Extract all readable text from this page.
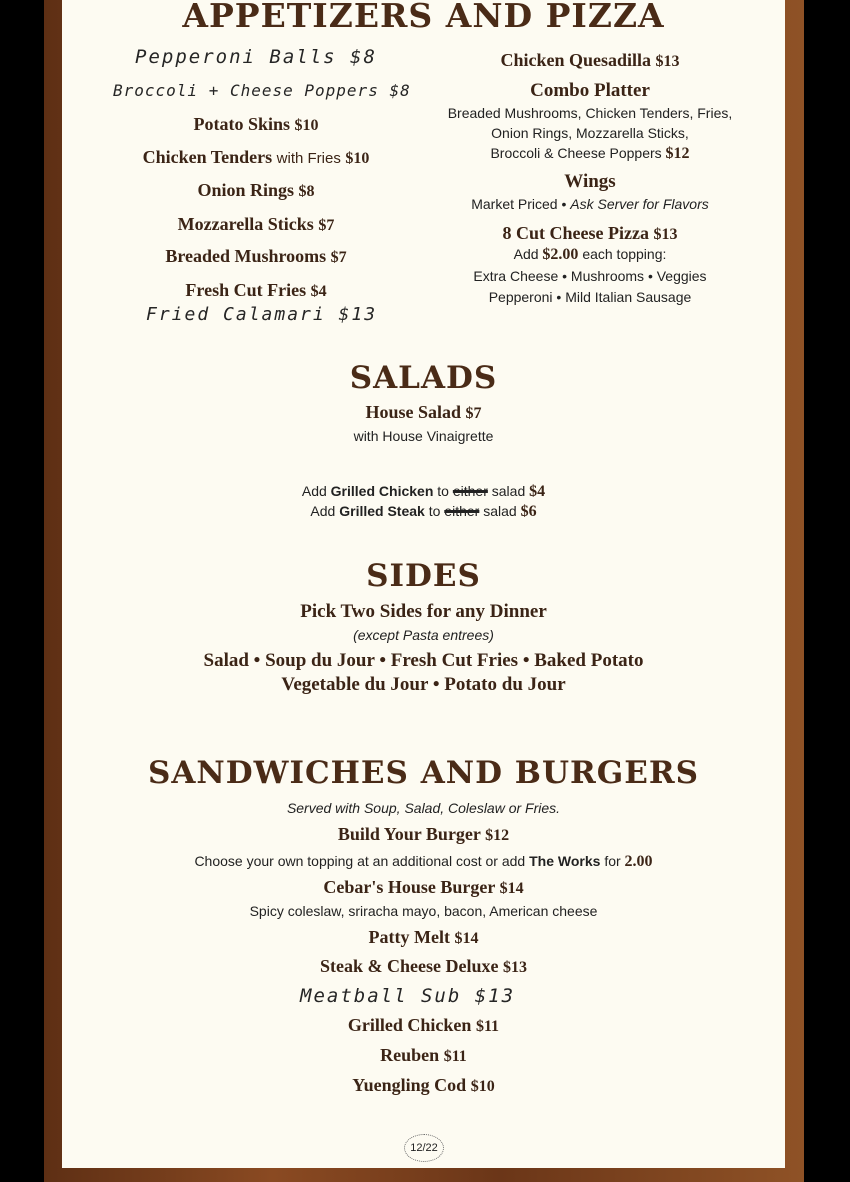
APPETIZERS AND PIZZA
Pepperoni Balls $8
Broccoli + Cheese Poppers $8
Potato Skins $10
Chicken Tenders with Fries $10
Onion Rings $8
Mozzarella Sticks $7
Breaded Mushrooms $7
Fresh Cut Fries $4
Fried Calamari $13
Chicken Quesadilla $13
Combo Platter
Breaded Mushrooms, Chicken Tenders, Fries,
Onion Rings, Mozzarella Sticks,
Broccoli & Cheese Poppers $12
Wings
Market Priced • Ask Server for Flavors
8 Cut Cheese Pizza $13
Add $2.00 each topping:
Extra Cheese • Mushrooms • Veggies
Pepperoni • Mild Italian Sausage
SALADS
House Salad $7
with House Vinaigrette
Add Grilled Chicken to either salad $4
Add Grilled Steak to either salad $6
SIDES
Pick Two Sides for any Dinner
(except Pasta entrees)
Salad • Soup du Jour • Fresh Cut Fries • Baked Potato
Vegetable du Jour • Potato du Jour
SANDWICHES AND BURGERS
Served with Soup, Salad, Coleslaw or Fries.
Build Your Burger $12
Choose your own topping at an additional cost or add The Works for 2.00
Cebar's House Burger $14
Spicy coleslaw, sriracha mayo, bacon, American cheese
Patty Melt $14
Steak & Cheese Deluxe $13
Meatball Sub $13
Grilled Chicken $11
Reuben $11
Yuengling Cod $10
12/22
